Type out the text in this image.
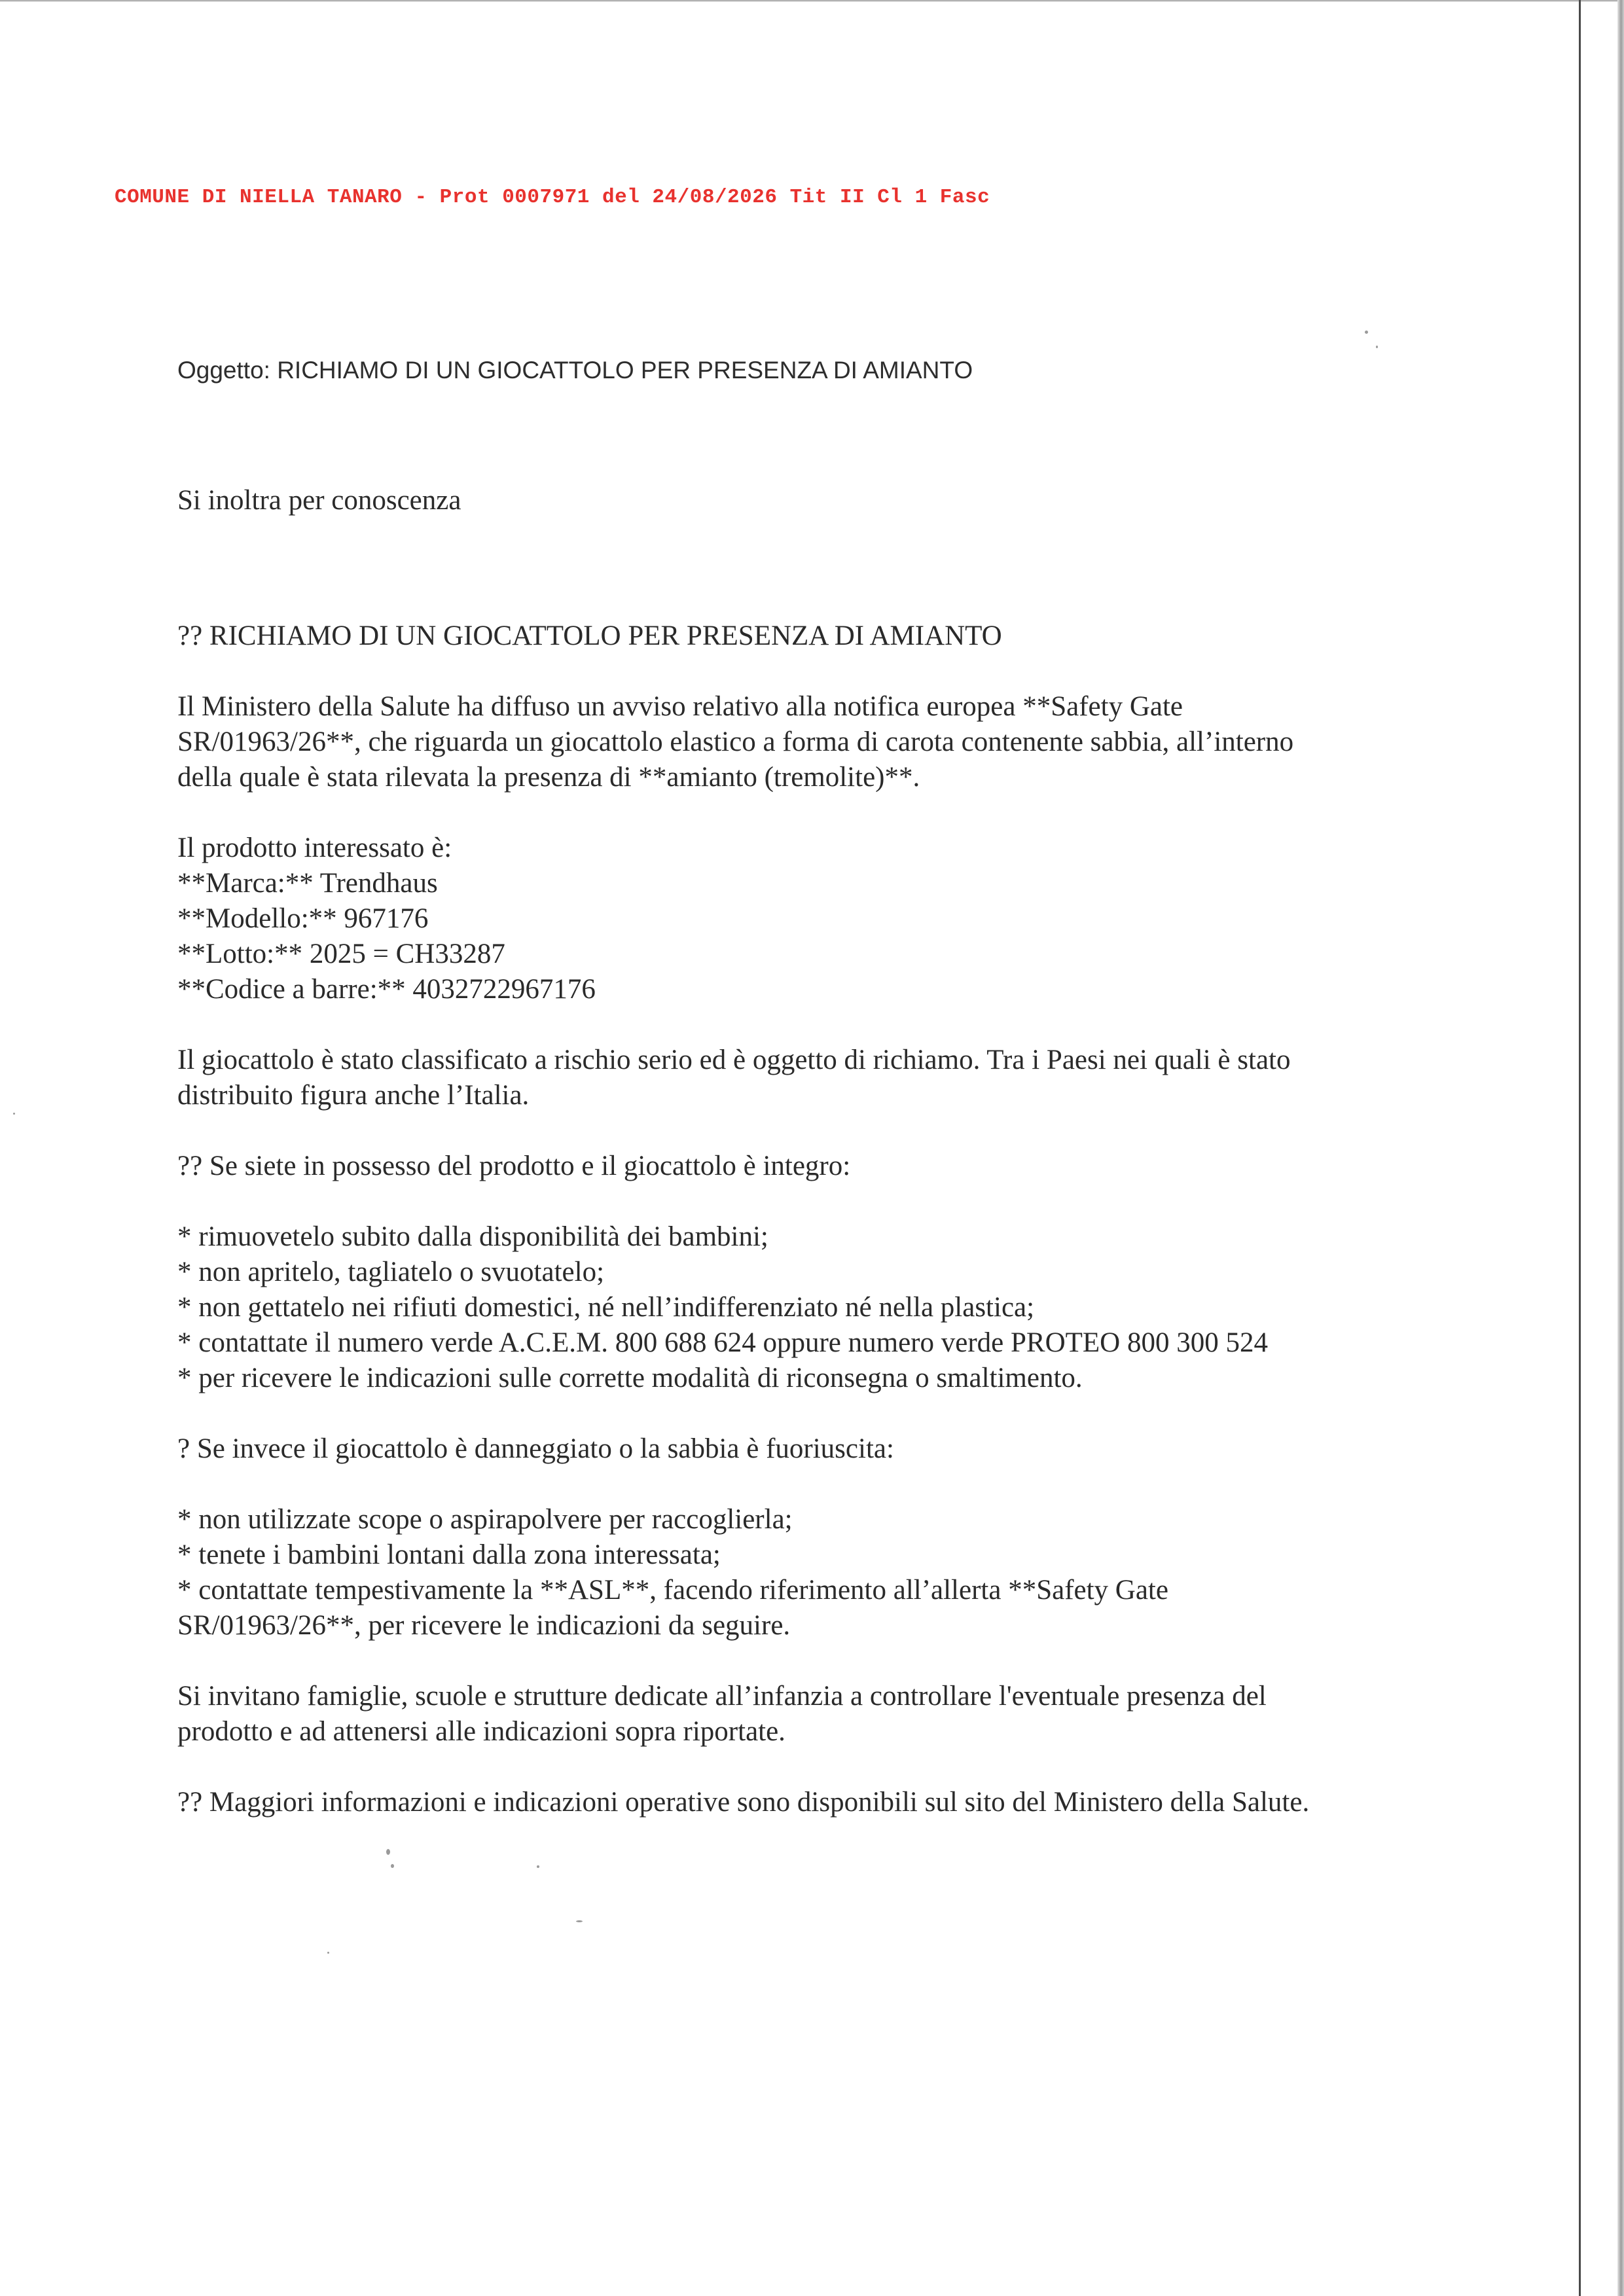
COMUNE DI NIELLA TANARO - Prot 0007971 del 24/08/2026 Tit II Cl 1 Fasc
Oggetto: RICHIAMO DI UN GIOCATTOLO PER PRESENZA DI AMIANTO
Si inoltra per conoscenza

?? RICHIAMO DI UN GIOCATTOLO PER PRESENZA DI AMIANTO

Il Ministero della Salute ha diffuso un avviso relativo alla notifica europea **Safety Gate

SR/01963/26**, che riguarda un giocattolo elastico a forma di carota contenente sabbia, all’interno

della quale è stata rilevata la presenza di **amianto (tremolite)**.

Il prodotto interessato è:

**Marca:** Trendhaus

**Modello:** 967176

**Lotto:** 2025 = CH33287

**Codice a barre:** 4032722967176

Il giocattolo è stato classificato a rischio serio ed è oggetto di richiamo. Tra i Paesi nei quali è stato

distribuito figura anche l’Italia.

?? Se siete in possesso del prodotto e il giocattolo è integro:

* rimuovetelo subito dalla disponibilità dei bambini;

* non apritelo, tagliatelo o svuotatelo;

* non gettatelo nei rifiuti domestici, né nell’indifferenziato né nella plastica;

* contattate il numero verde A.C.E.M. 800 688 624 oppure numero verde PROTEO 800 300 524

* per ricevere le indicazioni sulle corrette modalità di riconsegna o smaltimento.

? Se invece il giocattolo è danneggiato o la sabbia è fuoriuscita:

* non utilizzate scope o aspirapolvere per raccoglierla;

* tenete i bambini lontani dalla zona interessata;

* contattate tempestivamente la **ASL**, facendo riferimento all’allerta **Safety Gate

SR/01963/26**, per ricevere le indicazioni da seguire.

Si invitano famiglie, scuole e strutture dedicate all’infanzia a controllare l'eventuale presenza del

prodotto e ad attenersi alle indicazioni sopra riportate.

?? Maggiori informazioni e indicazioni operative sono disponibili sul sito del Ministero della Salute.
